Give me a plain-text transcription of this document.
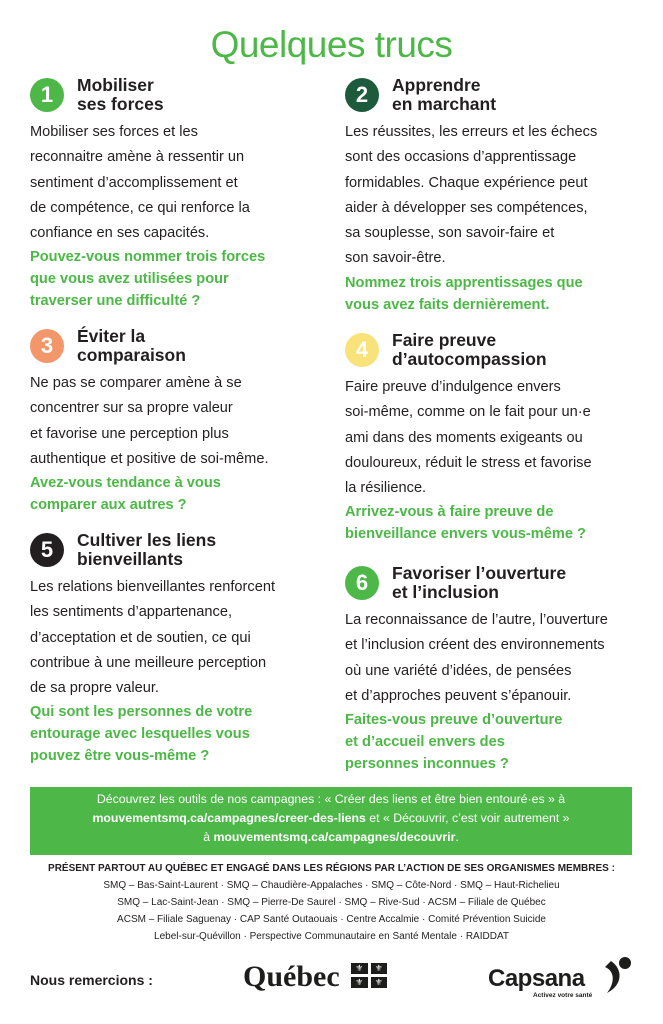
Quelques trucs
1	Mobiliser
ses forces
Mobiliser ses forces et les
reconnaitre amène à ressentir un
sentiment d’accomplissement et
de compétence, ce qui renforce la
confiance en ses capacités.
Pouvez-vous nommer trois forces
que vous avez utilisées pour
traverser une difficulté ?
2	Apprendre
en marchant
Les réussites, les erreurs et les échecs
sont des occasions d’apprentissage
formidables. Chaque expérience peut
aider à développer ses compétences,
sa souplesse, son savoir-faire et
son savoir-être.
Nommez trois apprentissages que
vous avez faits dernièrement.
3	Éviter la
comparaison
Ne pas se comparer amène à se
concentrer sur sa propre valeur
et favorise une perception plus
authentique et positive de soi-même.
Avez-vous tendance à vous
comparer aux autres ?
4	Faire preuve
d’autocompassion
Faire preuve d’indulgence envers
soi-même, comme on le fait pour un·e
ami dans des moments exigeants ou
douloureux, réduit le stress et favorise
la résilience.
Arrivez-vous à faire preuve de
bienveillance envers vous-même ?
5	Cultiver les liens
bienveillants
Les relations bienveillantes renforcent
les sentiments d’appartenance,
d’acceptation et de soutien, ce qui
contribue à une meilleure perception
de sa propre valeur.
Qui sont les personnes de votre
entourage avec lesquelles vous
pouvez être vous-même ?
6	Favoriser l’ouverture
et l’inclusion
La reconnaissance de l’autre, l’ouverture
et l’inclusion créent des environnements
où une variété d’idées, de pensées
et d’approches peuvent s’épanouir.
Faites-vous preuve d’ouverture
et d’accueil envers des
personnes inconnues ?
Découvrez les outils de nos campagnes : « Créer des liens et être bien entouré·es » à
mouvementsmq.ca/campagnes/creer-des-liens et « Découvrir, c’est voir autrement »
à mouvementsmq.ca/campagnes/decouvrir.
PRÉSENT PARTOUT AU QUÉBEC ET ENGAGÉ DANS LES RÉGIONS PAR L’ACTION DE SES ORGANISMES MEMBRES :
SMQ – Bas-Saint-Laurent · SMQ – Chaudière-Appalaches · SMQ – Côte-Nord · SMQ – Haut-Richelieu
SMQ – Lac-Saint-Jean · SMQ – Pierre-De Saurel · SMQ – Rive-Sud · ACSM – Filiale de Québec
ACSM – Filiale Saguenay · CAP Santé Outaouais · Centre Accalmie · Comité Prévention Suicide
Lebel-sur-Quévillon · Perspective Communautaire en Santé Mentale · RAIDDAT
Nous remercions :	Québec	⚜	⚜
⚜	⚜	Capsana
Activez votre santé
